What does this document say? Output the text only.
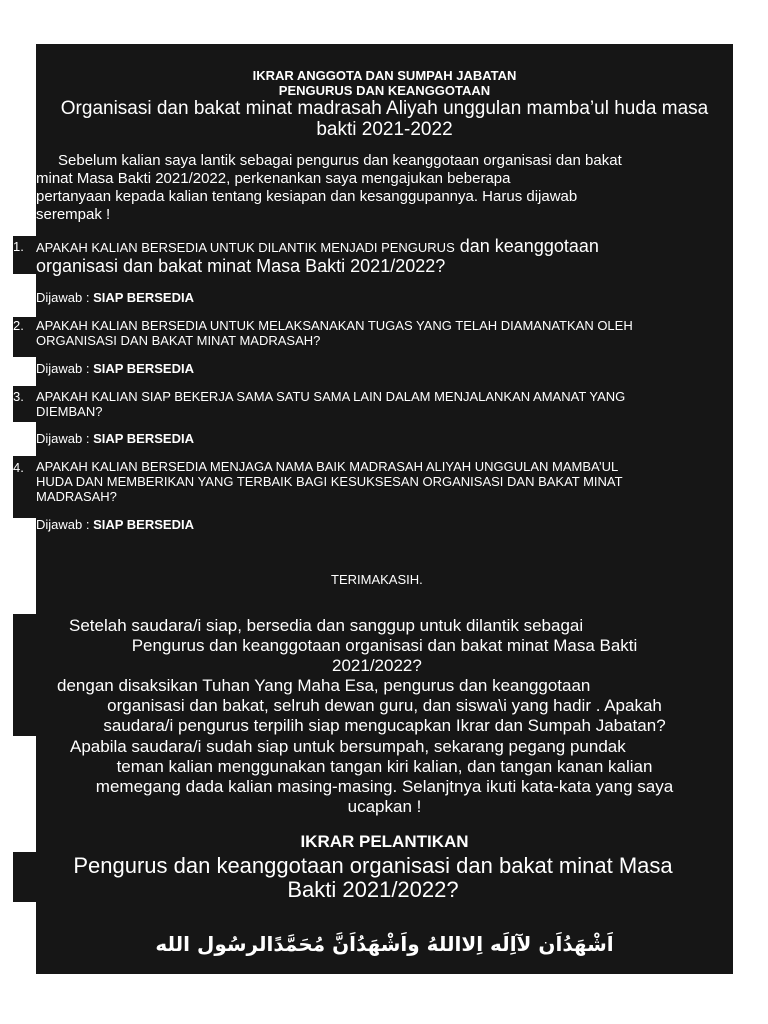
IKRAR ANGGOTA DAN SUMPAH JABATAN
PENGURUS DAN KEANGGOTAAN
Organisasi dan bakat minat madrasah Aliyah unggulan mamba’ul huda masa
bakti 2021-2022
Sebelum kalian saya lantik sebagai pengurus dan keanggotaan organisasi dan bakat
minat Masa Bakti 2021/2022, perkenankan saya mengajukan beberapa
pertanyaan kepada kalian tentang kesiapan dan kesanggupannya. Harus dijawab
serempak !
1. APAKAH KALIAN BERSEDIA UNTUK DILANTIK MENJADI PENGURUS dan keanggotaan
organisasi dan bakat minat Masa Bakti 2021/2022?
Dijawab : SIAP BERSEDIA
2. APAKAH KALIAN BERSEDIA UNTUK MELAKSANAKAN TUGAS YANG TELAH DIAMANATKAN OLEH
ORGANISASI DAN BAKAT MINAT MADRASAH?
Dijawab : SIAP BERSEDIA
3. APAKAH KALIAN SIAP BEKERJA SAMA SATU SAMA LAIN DALAM MENJALANKAN AMANAT YANG
DIEMBAN?
Dijawab : SIAP BERSEDIA
4. APAKAH KALIAN BERSEDIA MENJAGA NAMA BAIK MADRASAH ALIYAH UNGGULAN MAMBA’UL
HUDA DAN MEMBERIKAN YANG TERBAIK BAGI KESUKSESAN ORGANISASI DAN BAKAT MINAT
MADRASAH?
Dijawab : SIAP BERSEDIA
TERIMAKASIH.
Setelah saudara/i siap, bersedia dan sanggup untuk dilantik sebagai
Pengurus dan keanggotaan organisasi dan bakat minat Masa Bakti
2021/2022?
dengan disaksikan Tuhan Yang Maha Esa, pengurus dan keanggotaan
organisasi dan bakat, selruh dewan guru, dan siswa\i yang hadir . Apakah
saudara/i pengurus terpilih siap mengucapkan Ikrar dan Sumpah Jabatan?
Apabila saudara/i sudah siap untuk bersumpah, sekarang pegang pundak
teman kalian menggunakan tangan kiri kalian, dan tangan kanan kalian
memegang dada kalian masing-masing. Selanjtnya ikuti kata-kata yang saya
ucapkan !
IKRAR PELANTIKAN
Pengurus dan keanggotaan organisasi dan bakat minat Masa
Bakti 2021/2022?
اَشْهَدُاَن لآاِلَه اِلااللهُ واَشْهَدُاَنَّ مُحَمَّدًالرسُول الله
